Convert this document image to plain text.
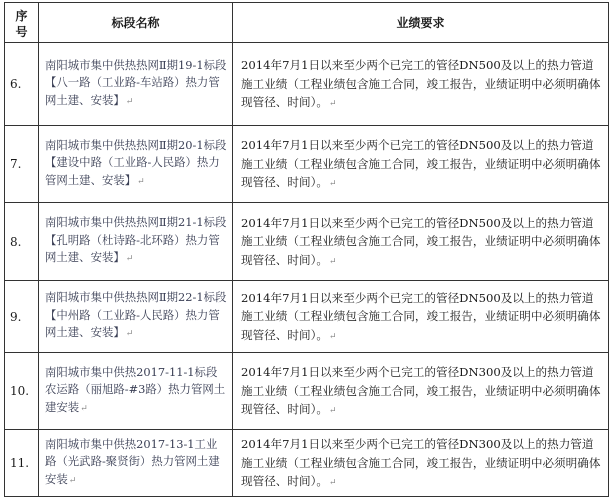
序
号	标段名称	业绩要求
6.	南阳城市集中供热热网Ⅱ期19-1标段【八一路（工业路-车站路）热力管网土建、安装】↵	2014年7月1日以来至少两个已完工的管径DN500及以上的热力管道施工业绩（工程业绩包含施工合同，竣工报告，业绩证明中必须明确体现管径、时间）。↵
7.	南阳城市集中供热热网Ⅱ期20-1标段【建设中路（工业路-人民路）热力管网土建、安装】↵	2014年7月1日以来至少两个已完工的管径DN500及以上的热力管道施工业绩（工程业绩包含施工合同，竣工报告，业绩证明中必须明确体现管径、时间）。↵
8.	南阳城市集中供热热网Ⅱ期21-1标段【孔明路（杜诗路-北环路）热力管网土建、安装】↵	2014年7月1日以来至少两个已完工的管径DN500及以上的热力管道施工业绩（工程业绩包含施工合同，竣工报告，业绩证明中必须明确体现管径、时间）。↵
9.	南阳城市集中供热热网Ⅱ期22-1标段【中州路（工业路-人民路）热力管网土建、安装】↵	2014年7月1日以来至少两个已完工的管径DN500及以上的热力管道施工业绩（工程业绩包含施工合同，竣工报告，业绩证明中必须明确体现管径、时间）。↵
10.	南阳城市集中供热2017-11-1标段农运路（丽旭路-#3路）热力管网土建安装↵	2014年7月1日以来至少两个已完工的管径DN300及以上的热力管道施工业绩（工程业绩包含施工合同，竣工报告，业绩证明中必须明确体现管径、时间）。↵
11.	南阳城市集中供热2017-13-1工业路（光武路-聚贤街）热力管网土建安装↵	2014年7月1日以来至少两个已完工的管径DN300及以上的热力管道施工业绩（工程业绩包含施工合同，竣工报告，业绩证明中必须明确体现管径、时间）。↵
